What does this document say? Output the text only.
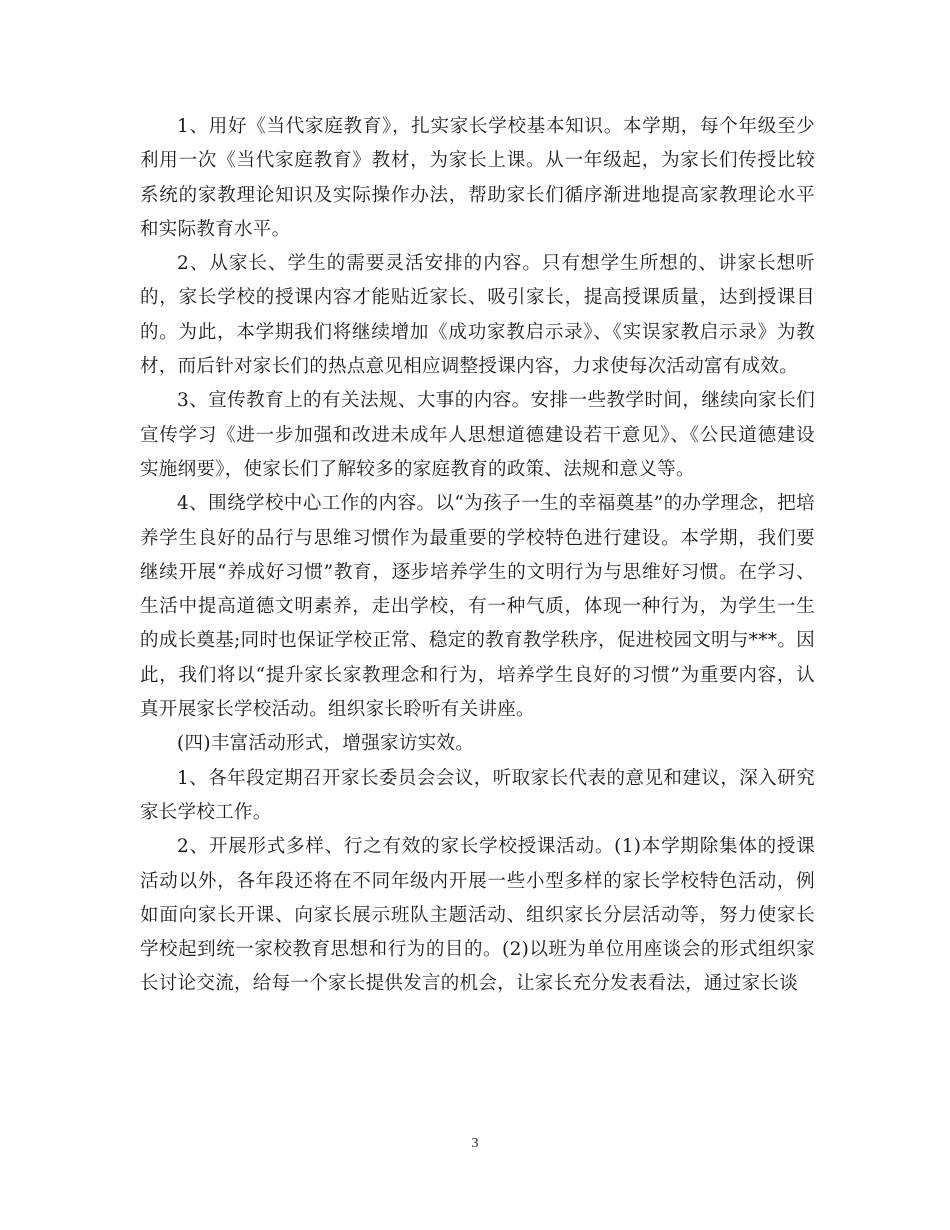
1、用好《当代家庭教育》，扎实家长学校基本知识。本学期，每个年级至少利用一次《当代家庭教育》教材，为家长上课。从一年级起，为家长们传授比较系统的家教理论知识及实际操作办法，帮助家长们循序渐进地提高家教理论水平和实际教育水平。

2、从家长、学生的需要灵活安排的内容。只有想学生所想的、讲家长想听的，家长学校的授课内容才能贴近家长、吸引家长，提高授课质量，达到授课目的。为此，本学期我们将继续增加《成功家教启示录》、《实误家教启示录》为教材，而后针对家长们的热点意见相应调整授课内容，力求使每次活动富有成效。

3、宣传教育上的有关法规、大事的内容。安排一些教学时间，继续向家长们宣传学习《进一步加强和改进未成年人思想道德建设若干意见》、《公民道德建设实施纲要》，使家长们了解较多的家庭教育的政策、法规和意义等。

4、围绕学校中心工作的内容。以“为孩子一生的幸福奠基”的办学理念，把培养学生良好的品行与思维习惯作为最重要的学校特色进行建设。本学期，我们要继续开展“养成好习惯”教育，逐步培养学生的文明行为与思维好习惯。在学习、生活中提高道德文明素养，走出学校，有一种气质，体现一种行为，为学生一生的成长奠基;同时也保证学校正常、稳定的教育教学秩序，促进校园文明与***。因此，我们将以“提升家长家教理念和行为，培养学生良好的习惯”为重要内容，认真开展家长学校活动。组织家长聆听有关讲座。

(四)丰富活动形式，增强家访实效。

1、各年段定期召开家长委员会会议，听取家长代表的意见和建议，深入研究家长学校工作。

2、开展形式多样、行之有效的家长学校授课活动。(1)本学期除集体的授课活动以外，各年段还将在不同年级内开展一些小型多样的家长学校特色活动，例如面向家长开课、向家长展示班队主题活动、组织家长分层活动等，努力使家长学校起到统一家校教育思想和行为的目的。(2)以班为单位用座谈会的形式组织家长讨论交流，给每一个家长提供发言的机会，让家长充分发表看法，通过家长谈

3
